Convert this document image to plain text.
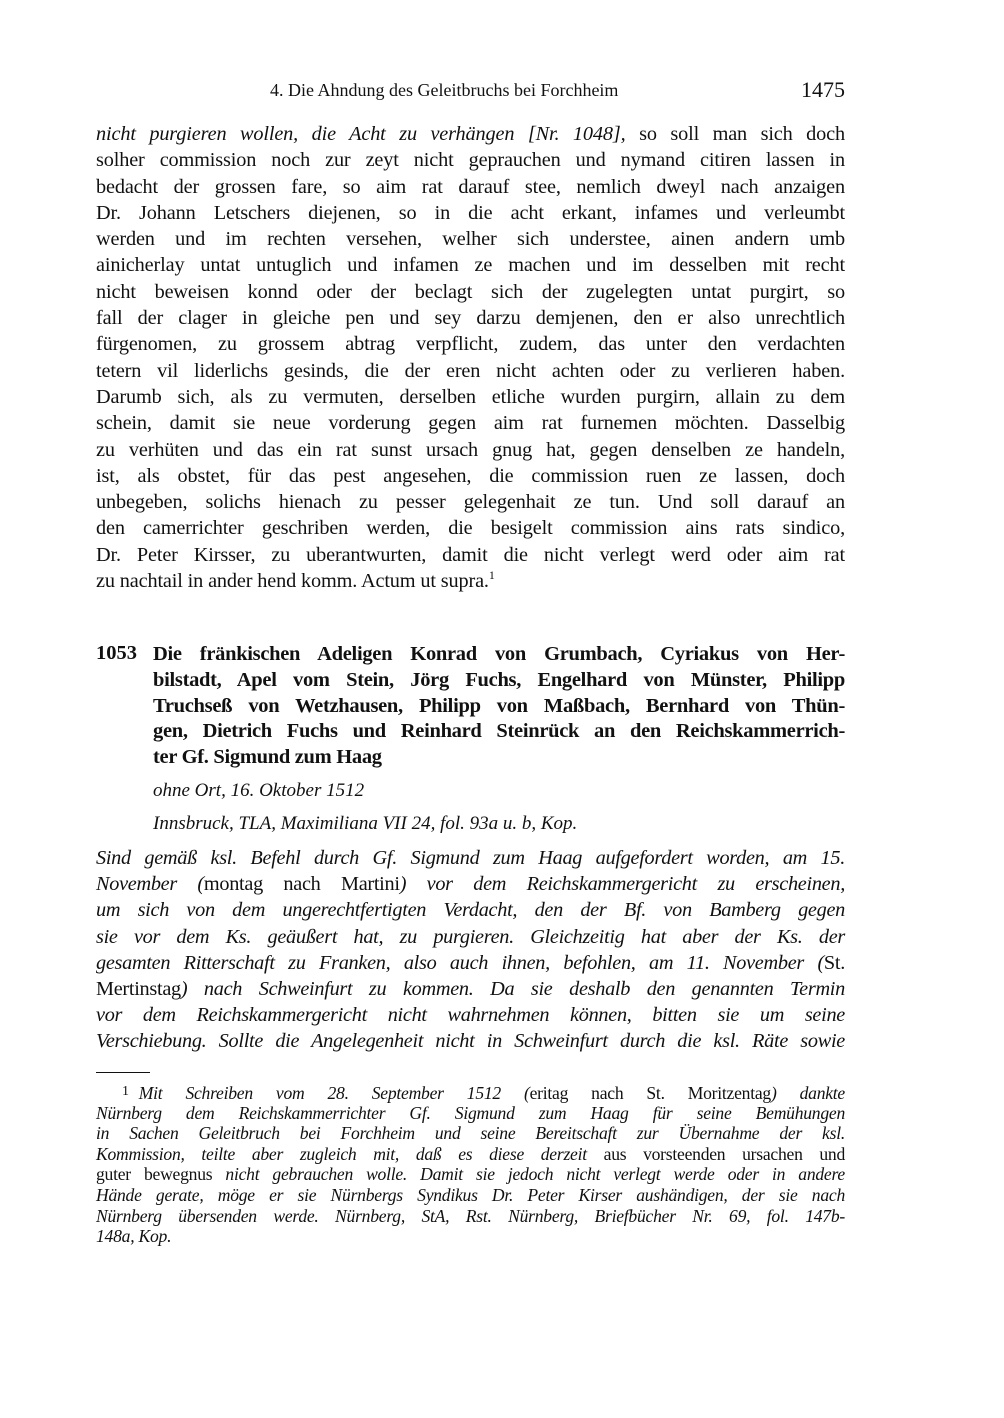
4. Die Ahndung des Geleitbruchs bei Forchheim	1475
nicht purgieren wollen, die Acht zu verhängen [Nr. 1048], so soll man sich doch
solher commission noch zur zeyt nicht geprauchen und nymand citiren lassen in
bedacht der grossen fare, so aim rat darauf stee, nemlich dweyl nach anzaigen
Dr. Johann Letschers diejenen, so in die acht erkant, infames und verleumbt
werden und im rechten versehen, welher sich understee, ainen andern umb
ainicherlay untat untuglich und infamen ze machen und im desselben mit recht
nicht beweisen konnd oder der beclagt sich der zugelegten untat purgirt, so
fall der clager in gleiche pen und sey darzu demjenen, den er also unrechtlich
fürgenomen, zu grossem abtrag verpflicht, zudem, das unter den verdachten
tetern vil liderlichs gesinds, die der eren nicht achten oder zu verlieren haben.
Darumb sich, als zu vermuten, derselben etliche wurden purgirn, allain zu dem
schein, damit sie neue vorderung gegen aim rat furnemen möchten. Dasselbig
zu verhüten und das ein rat sunst ursach gnug hat, gegen denselben ze handeln,
ist, als obstet, für das pest angesehen, die commission ruen ze lassen, doch
unbegeben, solichs hienach zu pesser gelegenhait ze tun. Und soll darauf an
den camerrichter geschriben werden, die besigelt commission ains rats sindico,
Dr. Peter Kirsser, zu uberantwurten, damit die nicht verlegt werd oder aim rat
zu nachtail in ander hend komm. Actum ut supra.$^1$
1053 Die fränkischen Adeligen Konrad von Grumbach, Cyriakus von Her-
bilstadt, Apel vom Stein, Jörg Fuchs, Engelhard von Münster, Philipp
Truchseß von Wetzhausen, Philipp von Maßbach, Bernhard von Thün-
gen, Dietrich Fuchs und Reinhard Steinrück an den Reichskammerrich-
ter Gf. Sigmund zum Haag
ohne Ort, 16. Oktober 1512
Innsbruck, TLA, Maximiliana VII 24, fol. 93a u. b, Kop.
Sind gemäß ksl. Befehl durch Gf. Sigmund zum Haag aufgefordert worden, am 15.
November (montag nach Martini) vor dem Reichskammergericht zu erscheinen,
um sich von dem ungerechtfertigten Verdacht, den der Bf. von Bamberg gegen
sie vor dem Ks. geäußert hat, zu purgieren. Gleichzeitig hat aber der Ks. der
gesamten Ritterschaft zu Franken, also auch ihnen, befohlen, am 11. November (St.
Mertinstag) nach Schweinfurt zu kommen. Da sie deshalb den genannten Termin
vor dem Reichskammergericht nicht wahrnehmen können, bitten sie um seine
Verschiebung. Sollte die Angelegenheit nicht in Schweinfurt durch die ksl. Räte sowie
$^1$ Mit Schreiben vom 28. September 1512 (eritag nach St. Moritzentag) dankte
Nürnberg dem Reichskammerrichter Gf. Sigmund zum Haag für seine Bemühungen
in Sachen Geleitbruch bei Forchheim und seine Bereitschaft zur Übernahme der ksl.
Kommission, teilte aber zugleich mit, daß es diese derzeit aus vorsteenden ursachen und
guter bewegnus nicht gebrauchen wolle. Damit sie jedoch nicht verlegt werde oder in andere
Hände gerate, möge er sie Nürnbergs Syndikus Dr. Peter Kirser aushändigen, der sie nach
Nürnberg übersenden werde. Nürnberg, StA, Rst. Nürnberg, Briefbücher Nr. 69, fol. 147b-
148a, Kop.
